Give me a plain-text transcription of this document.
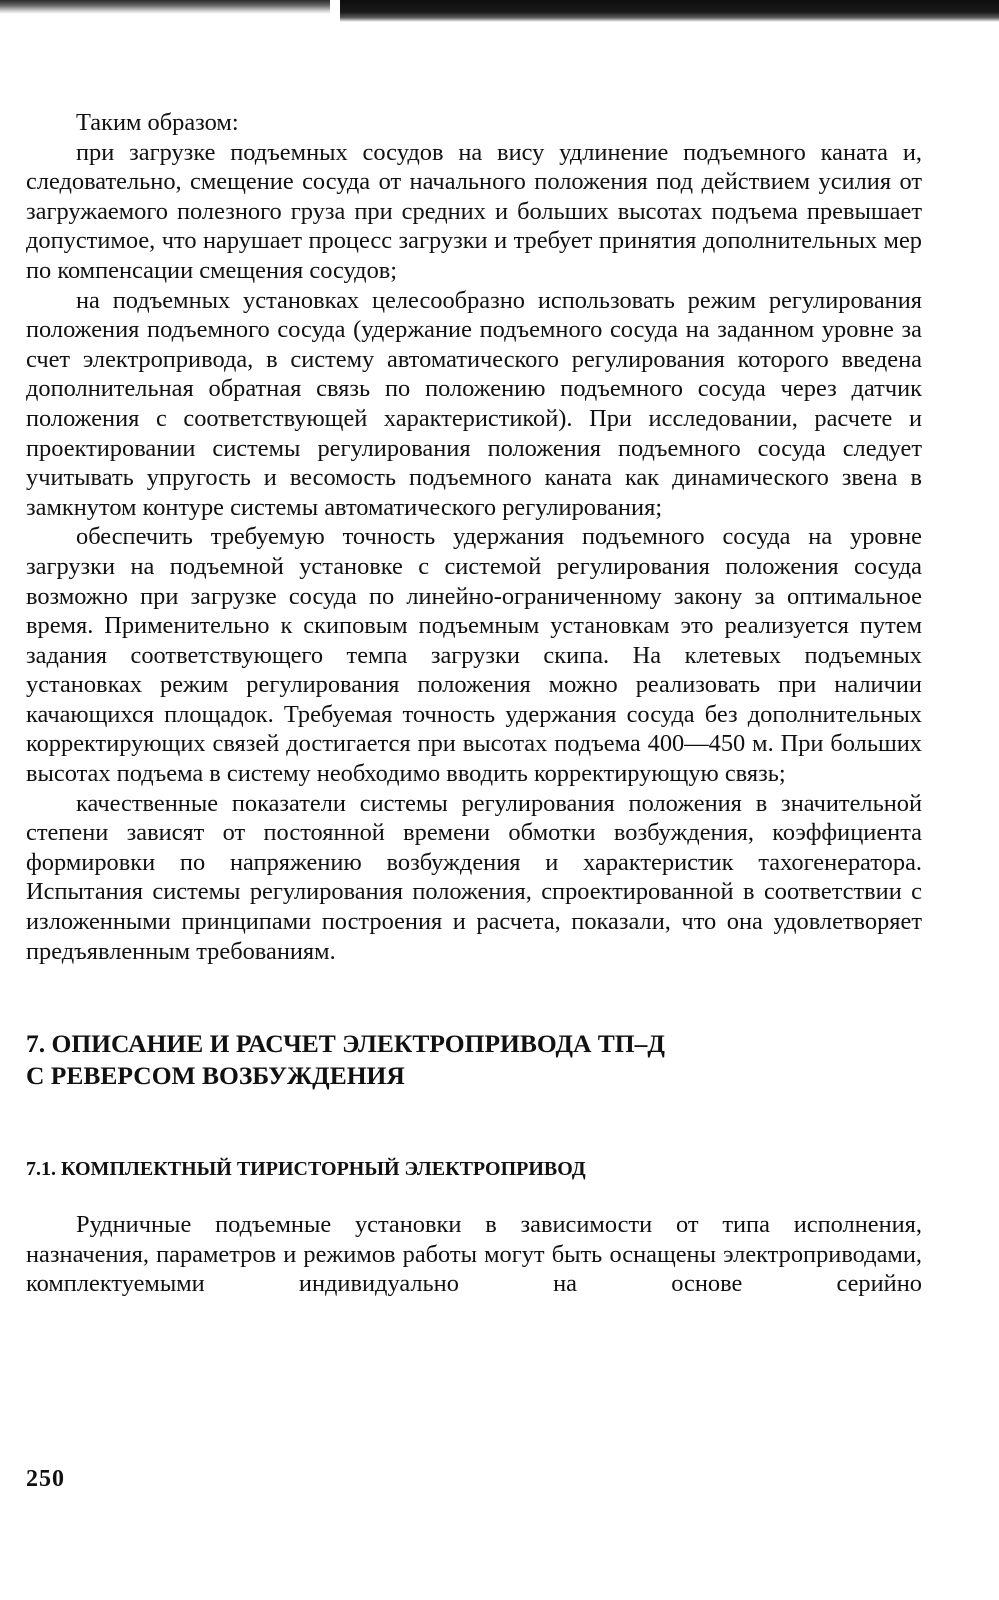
Таким образом:

при загрузке подъемных сосудов на вису удлинение подъемного каната и, следовательно, смещение сосуда от начального положения под действием усилия от загружаемого полезного груза при средних и больших высотах подъема превышает допустимое, что нарушает процесс загрузки и требует принятия дополнительных мер по компенсации смещения сосудов;

на подъемных установках целесообразно использовать режим регулирования положения подъемного сосуда (удержание подъемного сосуда на заданном уровне за счет электропривода, в систему автоматического регулирования которого введена дополнительная обратная связь по положению подъемного сосуда через датчик положения с соответствующей характеристикой). При исследовании, расчете и проектировании системы регулирования положения подъемного сосуда следует учитывать упругость и весомость подъемного каната как динамического звена в замкнутом контуре системы автоматического регулирования;

обеспечить требуемую точность удержания подъемного сосуда на уровне загрузки на подъемной установке с системой регулирования положения сосуда возможно при загрузке сосуда по линейно-ограниченному закону за оптимальное время. Применительно к скиповым подъемным установкам это реализуется путем задания соответствующего темпа загрузки скипа. На клетевых подъемных установках режим регулирования положения можно реализовать при наличии качающихся площадок. Требуемая точность удержания сосуда без дополнительных корректирующих связей достигается при высотах подъема 400—450 м. При больших высотах подъема в систему необходимо вводить корректирующую связь;

качественные показатели системы регулирования положения в значительной степени зависят от постоянной времени обмотки возбуждения, коэффициента формировки по напряжению возбуждения и характеристик тахогенератора. Испытания системы регулирования положения, спроектированной в соответствии с изложенными принципами построения и расчета, показали, что она удовлетворяет предъявленным требованиям.

7. ОПИСАНИЕ И РАСЧЕТ ЭЛЕКТРОПРИВОДА ТП–Д

С РЕВЕРСОМ ВОЗБУЖДЕНИЯ

7.1. КОМПЛЕКТНЫЙ ТИРИСТОРНЫЙ ЭЛЕКТРОПРИВОД

Рудничные подъемные установки в зависимости от типа исполнения, назначения, параметров и режимов работы могут быть оснащены электроприводами, комплектуемыми индивидуально на основе серийно

250
